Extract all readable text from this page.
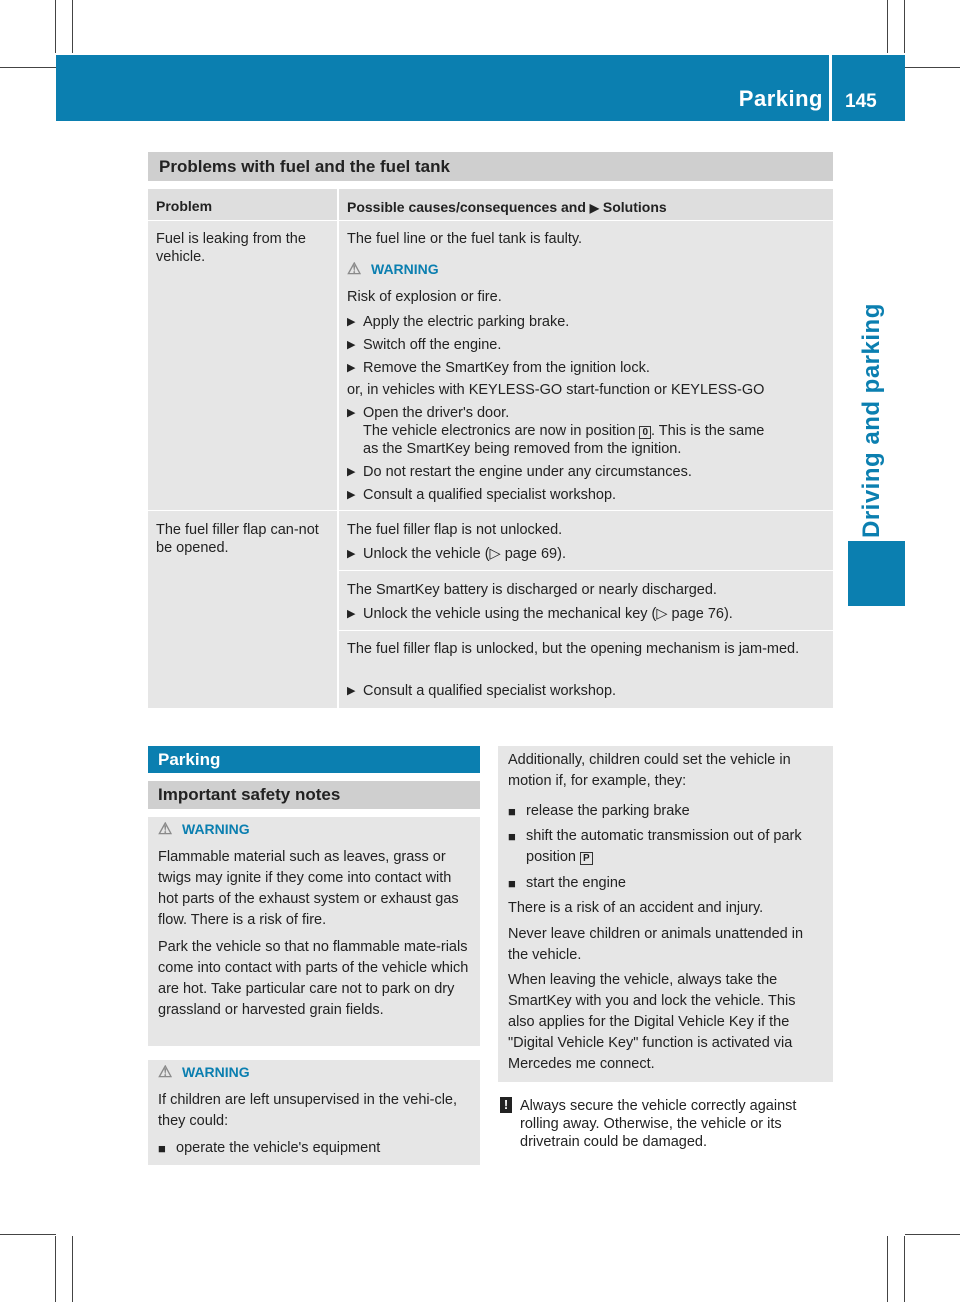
Parking 145
Driving and parking
Problems with fuel and the fuel tank
Problem	Possible causes/consequences and ▶ Solutions
Fuel is leaking from the vehicle.
The fuel line or the fuel tank is faulty.
⚠ WARNING
Risk of explosion or fire.
▶ Apply the electric parking brake.
▶ Switch off the engine.
▶ Remove the SmartKey from the ignition lock.
or, in vehicles with KEYLESS-GO start-function or KEYLESS-GO
▶ Open the driver's door.
The vehicle electronics are now in position 0 . This is the same
as the SmartKey being removed from the ignition.
▶ Do not restart the engine under any circumstances.
▶ Consult a qualified specialist workshop.
The fuel filler flap can-not be opened.
The fuel filler flap is not unlocked.
▶ Unlock the vehicle (▷ page 69).
The SmartKey battery is discharged or nearly discharged.
▶ Unlock the vehicle using the mechanical key (▷ page 76).
The fuel filler flap is unlocked, but the opening mechanism is jam-med.
▶ Consult a qualified specialist workshop.
Parking
Important safety notes
⚠ WARNING
Flammable material such as leaves, grass or twigs may ignite if they come into contact with hot parts of the exhaust system or exhaust gas flow. There is a risk of fire.
Park the vehicle so that no flammable mate-rials come into contact with parts of the vehicle which are hot. Take particular care not to park on dry grassland or harvested grain fields.
⚠ WARNING
If children are left unsupervised in the vehi-cle, they could:
■ operate the vehicle's equipment
Additionally, children could set the vehicle in motion if, for example, they:
■ release the parking brake
■ shift the automatic transmission out of park position P
■ start the engine
There is a risk of an accident and injury.
Never leave children or animals unattended in the vehicle.
When leaving the vehicle, always take the SmartKey with you and lock the vehicle. This also applies for the Digital Vehicle Key if the "Digital Vehicle Key" function is activated via Mercedes me connect.
! Always secure the vehicle correctly against rolling away. Otherwise, the vehicle or its drivetrain could be damaged.
